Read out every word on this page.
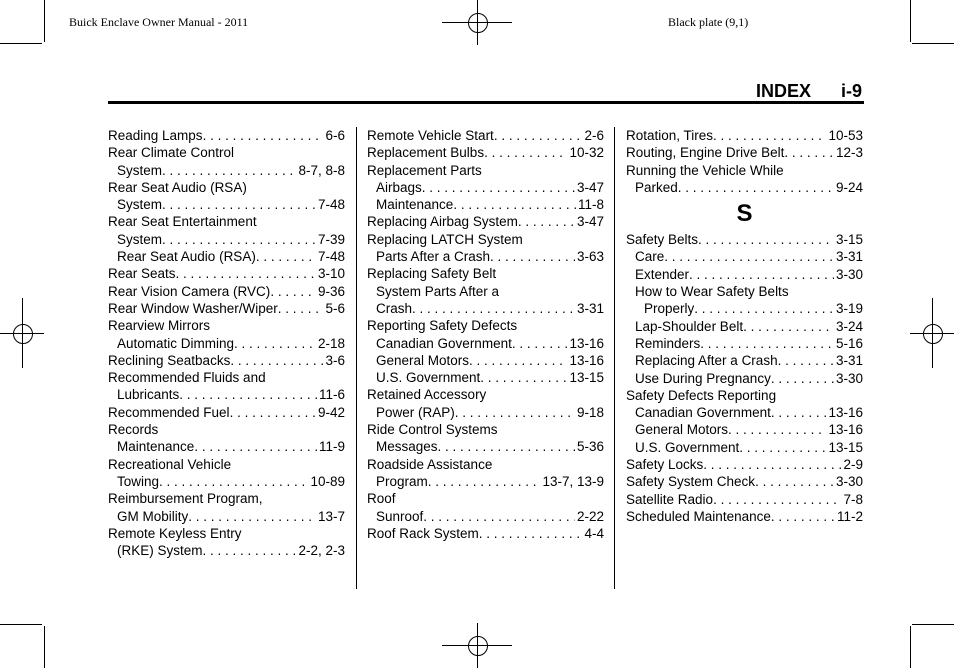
Buick Enclave Owner Manual - 2011	Black plate (9,1)
INDEX i-9
Reading Lamps . . .	6-6
Rear Climate Control
System . . .	8-7, 8-8
Rear Seat Audio (RSA)
System . . .	7-48
Rear Seat Entertainment
System . . .	7-39
Rear Seat Audio (RSA) . . .	7-48
Rear Seats . . .	3-10
Rear Vision Camera (RVC) . . .	9-36
Rear Window Washer/Wiper . . .	5-6
Rearview Mirrors
Automatic Dimming . . .	2-18
Reclining Seatbacks . . .	3-6
Recommended Fluids and
Lubricants . . .	11-6
Recommended Fuel . . .	9-42
Records
Maintenance . . .	11-9
Recreational Vehicle
Towing . . .	10-89
Reimbursement Program,
GM Mobility . . .	13-7
Remote Keyless Entry
(RKE) System . . .	2-2, 2-3
Remote Vehicle Start . . .	2-6
Replacement Bulbs . . .	10-32
Replacement Parts
Airbags . . .	3-47
Maintenance . . .	11-8
Replacing Airbag System . . .	3-47
Replacing LATCH System
Parts After a Crash . . .	3-63
Replacing Safety Belt
System Parts After a
Crash . . .	3-31
Reporting Safety Defects
Canadian Government . . .	13-16
General Motors . . .	13-16
U.S. Government . . .	13-15
Retained Accessory
Power (RAP) . . .	9-18
Ride Control Systems
Messages . . .	5-36
Roadside Assistance
Program . . .	13-7, 13-9
Roof
Sunroof . . .	2-22
Roof Rack System . . .	4-4
Rotation, Tires . . .	10-53
Routing, Engine Drive Belt . . .	12-3
Running the Vehicle While
Parked . . .	9-24
S
Safety Belts . . .	3-15
Care . . .	3-31
Extender . . .	3-30
How to Wear Safety Belts
Properly . . .	3-19
Lap-Shoulder Belt . . .	3-24
Reminders . . .	5-16
Replacing After a Crash . . .	3-31
Use During Pregnancy . . .	3-30
Safety Defects Reporting
Canadian Government . . .	13-16
General Motors . . .	13-16
U.S. Government . . .	13-15
Safety Locks . . .	2-9
Safety System Check . . .	3-30
Satellite Radio . . .	7-8
Scheduled Maintenance . . .	11-2
